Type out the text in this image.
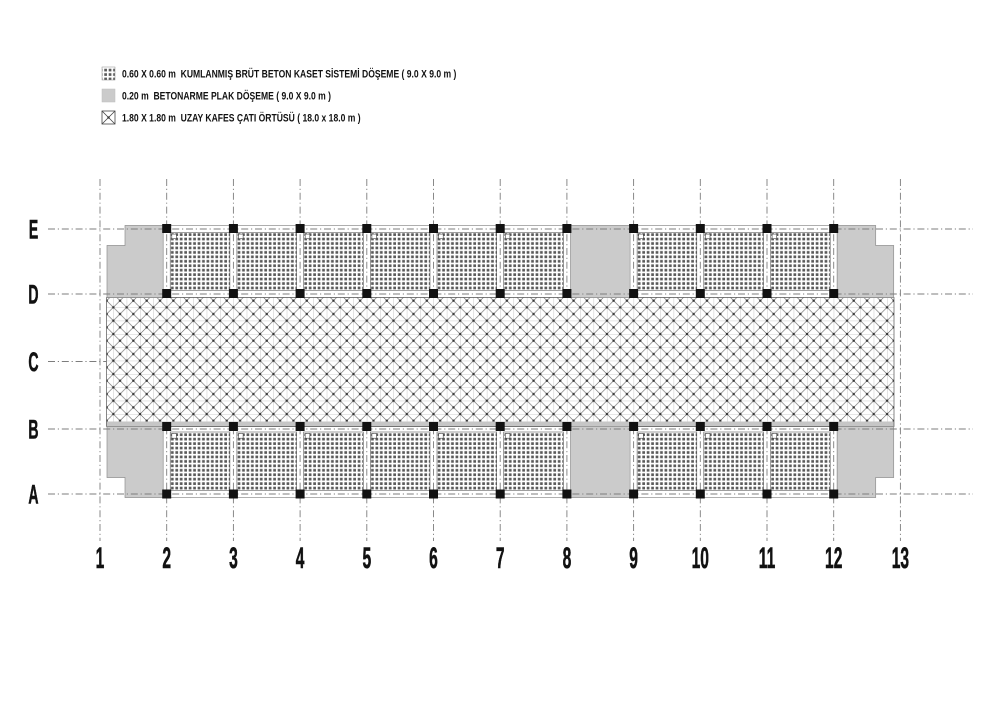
0.60 X 0.60 m  KUMLANMIŞ BRÜT BETON KASET SİSTEMİ DÖŞEME ( 9.0 X 9.0 m )
0.20 m  BETONARME PLAK DÖŞEME ( 9.0 X 9.0 m )
1.80 X 1.80 m  UZAY KAFES ÇATI ÖRTÜSÜ ( 18.0 x 18.0 m )
E
D
C
B
A
1 2 3 4 5 6 7 8 9 10 11 12 13
